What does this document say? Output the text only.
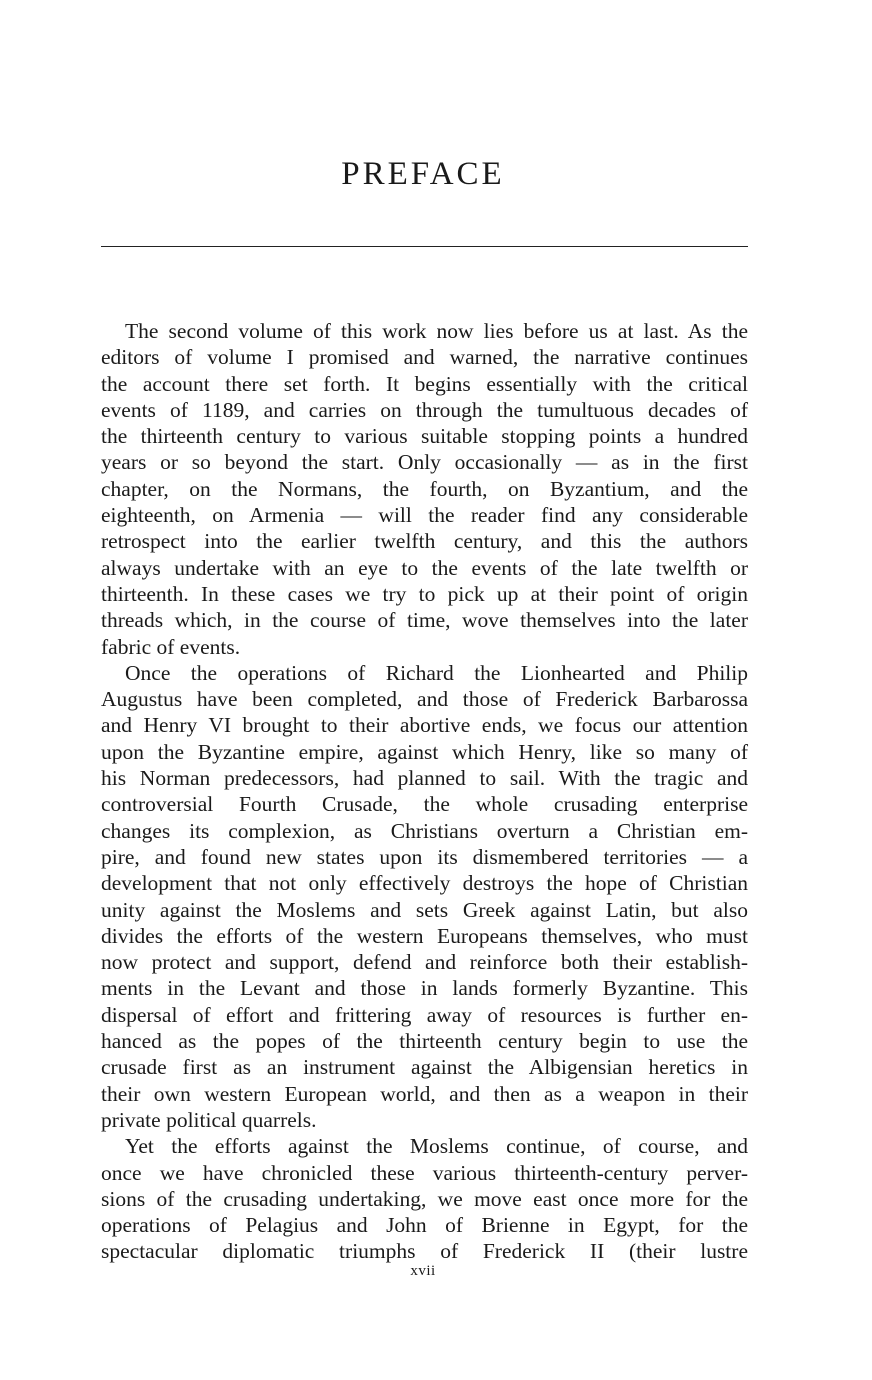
PREFACE
The second volume of this work now lies before us at last. As the
editors of volume I promised and warned, the narrative continues
the account there set forth. It begins essentially with the critical
events of 1189, and carries on through the tumultuous decades of
the thirteenth century to various suitable stopping points a hundred
years or so beyond the start. Only occasionally — as in the first
chapter, on the Normans, the fourth, on Byzantium, and the
eighteenth, on Armenia — will the reader find any considerable
retrospect into the earlier twelfth century, and this the authors
always undertake with an eye to the events of the late twelfth or
thirteenth. In these cases we try to pick up at their point of origin
threads which, in the course of time, wove themselves into the later
fabric of events.
Once the operations of Richard the Lionhearted and Philip
Augustus have been completed, and those of Frederick Barbarossa
and Henry VI brought to their abortive ends, we focus our attention
upon the Byzantine empire, against which Henry, like so many of
his Norman predecessors, had planned to sail. With the tragic and
controversial Fourth Crusade, the whole crusading enterprise
changes its complexion, as Christians overturn a Christian em-
pire, and found new states upon its dismembered territories — a
development that not only effectively destroys the hope of Christian
unity against the Moslems and sets Greek against Latin, but also
divides the efforts of the western Europeans themselves, who must
now protect and support, defend and reinforce both their establish-
ments in the Levant and those in lands formerly Byzantine. This
dispersal of effort and frittering away of resources is further en-
hanced as the popes of the thirteenth century begin to use the
crusade first as an instrument against the Albigensian heretics in
their own western European world, and then as a weapon in their
private political quarrels.
Yet the efforts against the Moslems continue, of course, and
once we have chronicled these various thirteenth-century perver-
sions of the crusading undertaking, we move east once more for the
operations of Pelagius and John of Brienne in Egypt, for the
spectacular diplomatic triumphs of Frederick II (their lustre
xvii
